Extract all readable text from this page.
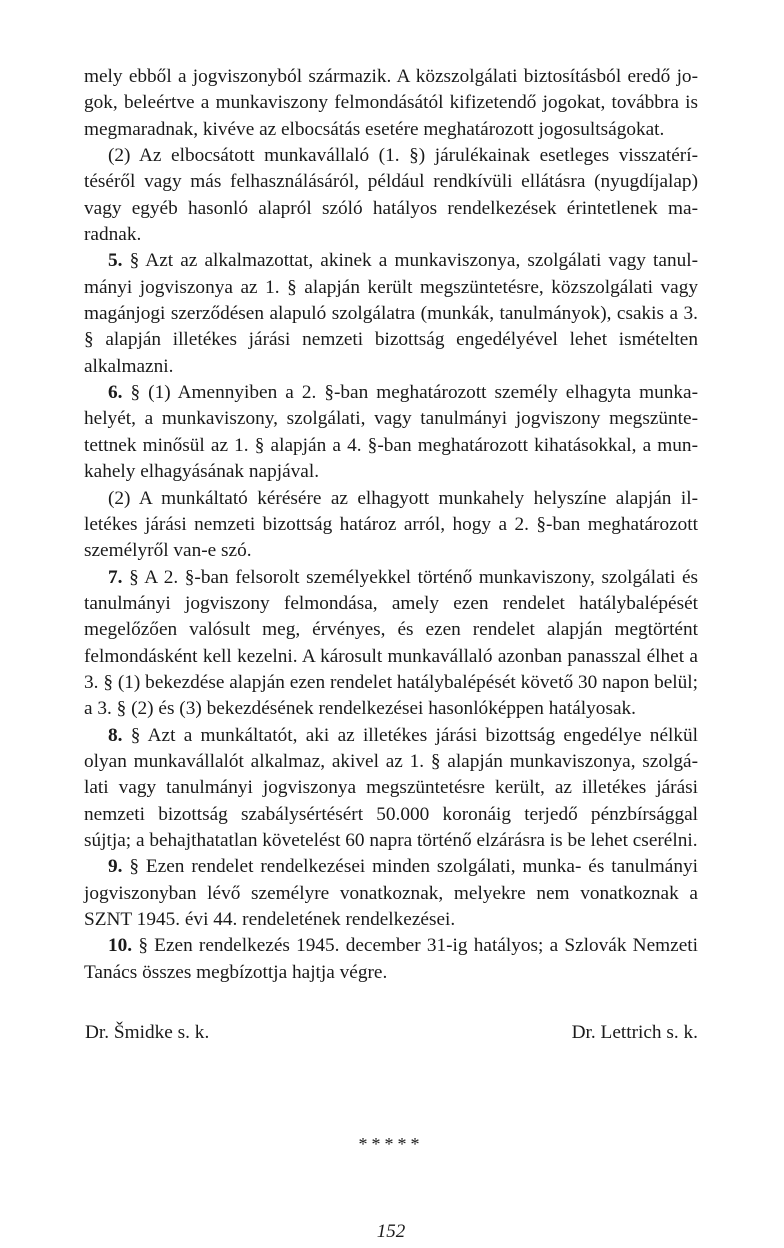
mely ebből a jogviszonyból származik. A közszolgálati biztosításból eredő jogok, beleértve a munkaviszony felmondásától kifizetendő jogokat, továbbra is megmaradnak, kivéve az elbocsátás esetére meghatározott jogosultságokat.

(2) Az elbocsátott munkavállaló (1. §) járulékainak esetleges visszatérítéséről vagy más felhasználásáról, például rendkívüli ellátásra (nyugdíjalap) vagy egyéb hasonló alapról szóló hatályos rendelkezések érintetlenek maradnak.

5. § Azt az alkalmazottat, akinek a munkaviszonya, szolgálati vagy tanulmányi jogviszonya az 1. § alapján került megszüntetésre, közszolgálati vagy magánjogi szerződésen alapuló szolgálatra (munkák, tanulmányok), csakis a 3. § alapján illetékes járási nemzeti bizottság engedélyével lehet ismételten alkalmazni.

6. § (1) Amennyiben a 2. §-ban meghatározott személy elhagyta munkahelyét, a munkaviszony, szolgálati, vagy tanulmányi jogviszony megszüntetettnek minősül az 1. § alapján a 4. §-ban meghatározott kihatásokkal, a munkahely elhagyásának napjával.

(2) A munkáltató kérésére az elhagyott munkahely helyszíne alapján illetékes járási nemzeti bizottság határoz arról, hogy a 2. §-ban meghatározott személyről van-e szó.

7. § A 2. §-ban felsorolt személyekkel történő munkaviszony, szolgálati és tanulmányi jogviszony felmondása, amely ezen rendelet hatálybalépését megelőzően valósult meg, érvényes, és ezen rendelet alapján megtörtént felmondásként kell kezelni. A károsult munkavállaló azonban panasszal élhet a 3. § (1) bekezdése alapján ezen rendelet hatálybalépését követő 30 napon belül; a 3. § (2) és (3) bekezdésének rendelkezései hasonlóképpen hatályosak.

8. § Azt a munkáltatót, aki az illetékes járási bizottság engedélye nélkül olyan munkavállalót alkalmaz, akivel az 1. § alapján munkaviszonya, szolgálati vagy tanulmányi jogviszonya megszüntetésre került, az illetékes járási nemzeti bizottság szabálysértésért 50.000 koronáig terjedő pénzbírsággal sújtja; a behajthatatlan követelést 60 napra történő elzárásra is be lehet cserélni.

9. § Ezen rendelet rendelkezései minden szolgálati, munka- és tanulmányi jogviszonyban lévő személyre vonatkoznak, melyekre nem vonatkoznak a SZNT 1945. évi 44. rendeletének rendelkezései.

10. § Ezen rendelkezés 1945. december 31-ig hatályos; a Szlovák Nemzeti Tanács összes megbízottja hajtja végre.

Dr. Šmidke s. k.	Dr. Lettrich s. k.
*****
152
